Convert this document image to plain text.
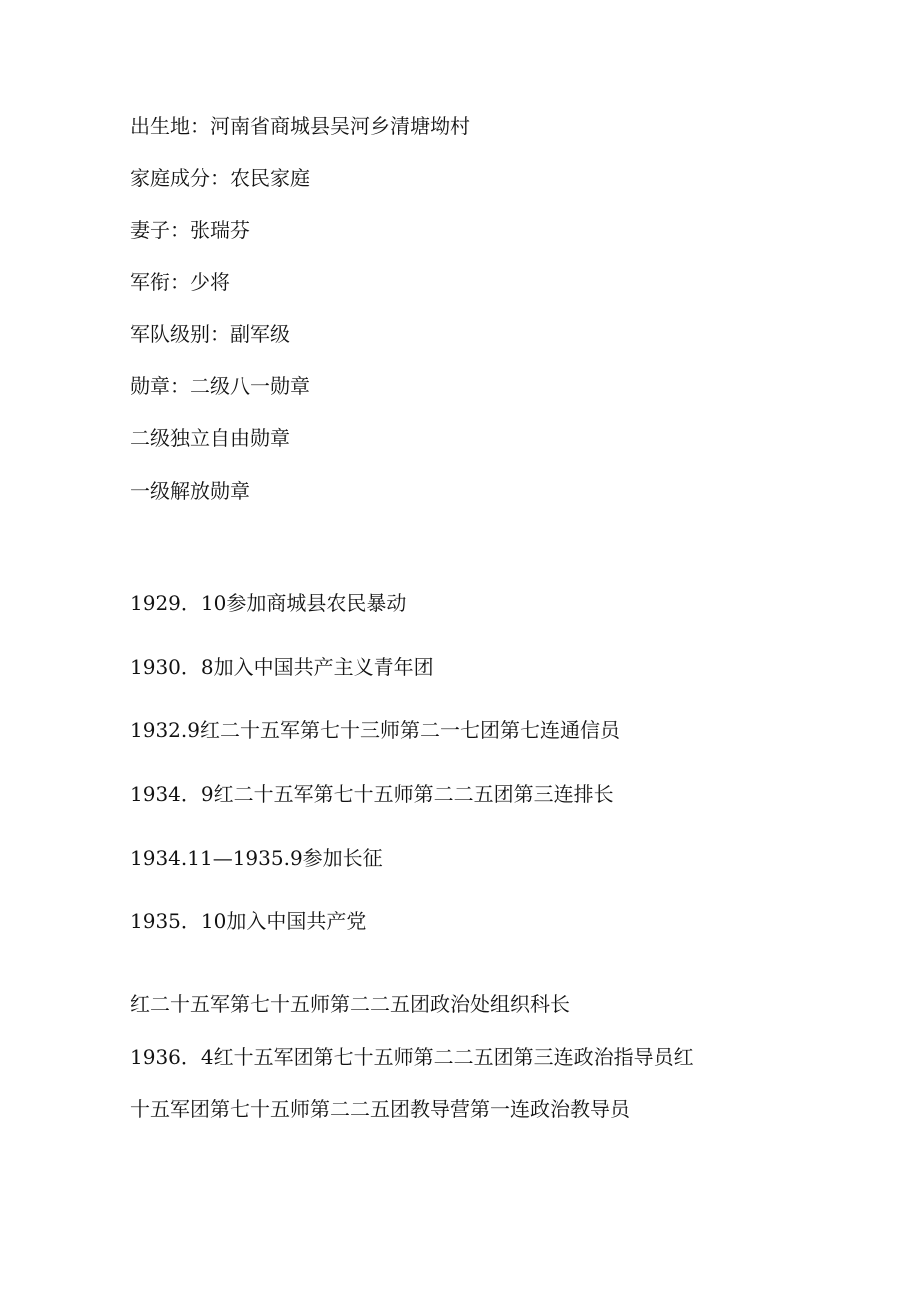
出生地：河南省商城县吴河乡清塘坳村
家庭成分：农民家庭
妻子：张瑞芬
军衔：少将
军队级别：副军级
勋章：二级八一勋章
二级独立自由勋章
一级解放勋章
1929．10参加商城县农民暴动
1930．8加入中国共产主义青年团
1932.9红二十五军第七十三师第二一七团第七连通信员
1934．9红二十五军第七十五师第二二五团第三连排长
1934.11—1935.9参加长征
1935．10加入中国共产党
红二十五军第七十五师第二二五团政治处组织科长
1936．4红十五军团第七十五师第二二五团第三连政治指导员红
十五军团第七十五师第二二五团教导营第一连政治教导员
